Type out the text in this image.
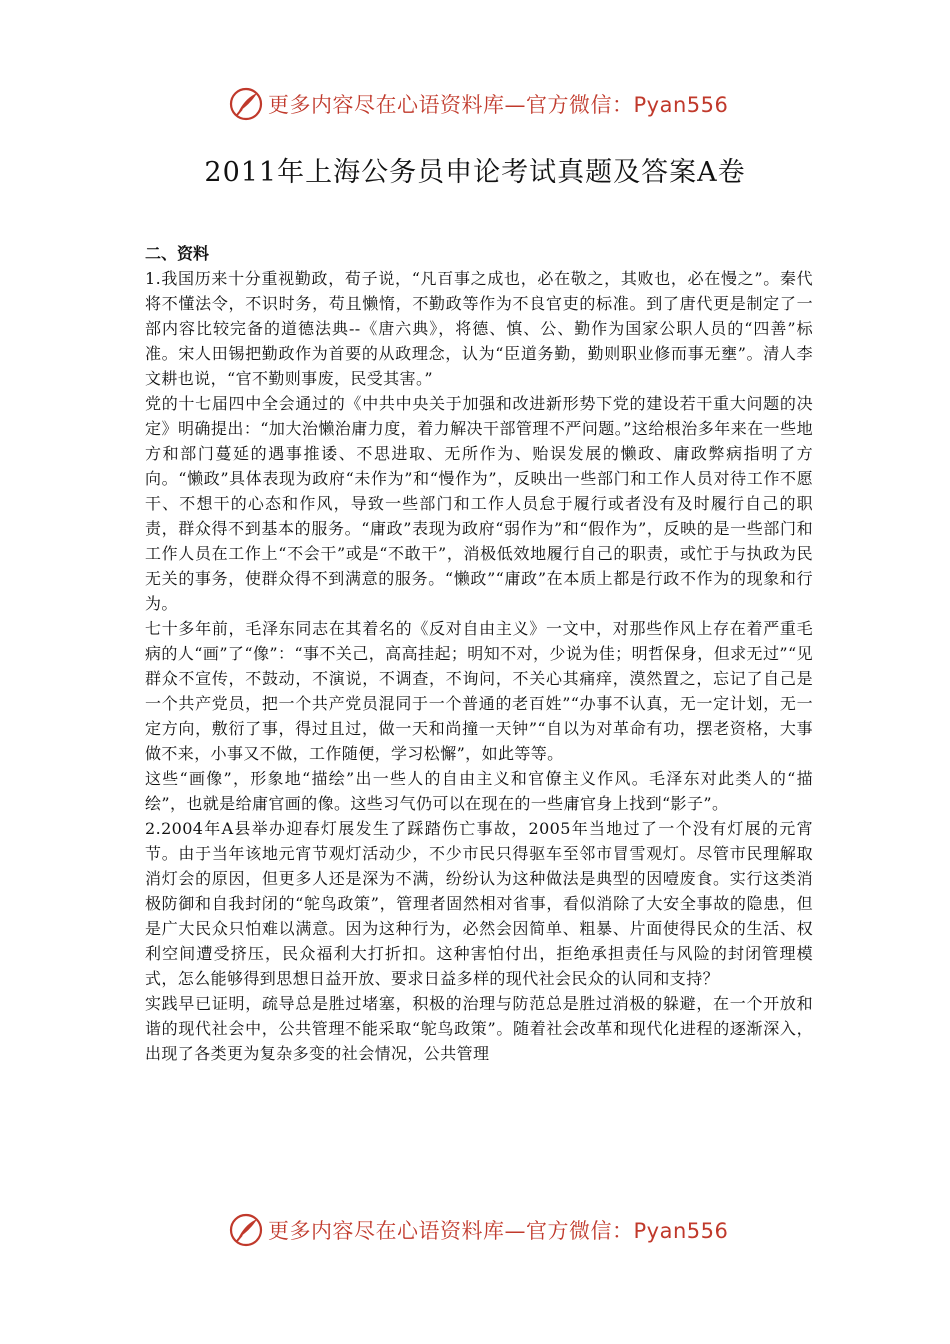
更多内容尽在心语资料库—官方微信：Pyan556
2011年上海公务员申论考试真题及答案A卷

二、资料

1.我国历来十分重视勤政，荀子说，“凡百事之成也，必在敬之，其败也，必在慢之”。秦代将不懂法令，不识时务，苟且懒惰，不勤政等作为不良官吏的标准。到了唐代更是制定了一部内容比较完备的道德法典--《唐六典》，将德、慎、公、勤作为国家公职人员的“四善”标准。宋人田锡把勤政作为首要的从政理念，认为“臣道务勤，勤则职业修而事无壅”。清人李文耕也说，“官不勤则事废，民受其害。”

党的十七届四中全会通过的《中共中央关于加强和改进新形势下党的建设若干重大问题的决定》明确提出：“加大治懒治庸力度，着力解决干部管理不严问题。”这给根治多年来在一些地方和部门蔓延的遇事推诿、不思进取、无所作为、贻误发展的懒政、庸政弊病指明了方向。“懒政”具体表现为政府“未作为”和“慢作为”，反映出一些部门和工作人员对待工作不愿干、不想干的心态和作风，导致一些部门和工作人员怠于履行或者没有及时履行自己的职责，群众得不到基本的服务。“庸政”表现为政府“弱作为”和“假作为”，反映的是一些部门和工作人员在工作上“不会干”或是“不敢干”，消极低效地履行自己的职责，或忙于与执政为民无关的事务，使群众得不到满意的服务。“懒政”“庸政”在本质上都是行政不作为的现象和行为。

七十多年前，毛泽东同志在其着名的《反对自由主义》一文中，对那些作风上存在着严重毛病的人“画”了“像”：“事不关己，高高挂起；明知不对，少说为佳；明哲保身，但求无过”“见群众不宣传，不鼓动，不演说，不调查，不询问，不关心其痛痒，漠然置之，忘记了自己是一个共产党员，把一个共产党员混同于一个普通的老百姓”“办事不认真，无一定计划，无一定方向，敷衍了事，得过且过，做一天和尚撞一天钟”“自以为对革命有功，摆老资格，大事做不来，小事又不做，工作随便，学习松懈”，如此等等。

这些“画像”，形象地“描绘”出一些人的自由主义和官僚主义作风。毛泽东对此类人的“描绘”，也就是给庸官画的像。这些习气仍可以在现在的一些庸官身上找到“影子”。

2.2004年A县举办迎春灯展发生了踩踏伤亡事故，2005年当地过了一个没有灯展的元宵节。由于当年该地元宵节观灯活动少，不少市民只得驱车至邻市冒雪观灯。尽管市民理解取消灯会的原因，但更多人还是深为不满，纷纷认为这种做法是典型的因噎废食。实行这类消极防御和自我封闭的“鸵鸟政策”，管理者固然相对省事，看似消除了大安全事故的隐患，但是广大民众只怕难以满意。因为这种行为，必然会因简单、粗暴、片面使得民众的生活、权利空间遭受挤压，民众福利大打折扣。这种害怕付出，拒绝承担责任与风险的封闭管理模式，怎么能够得到思想日益开放、要求日益多样的现代社会民众的认同和支持？

实践早已证明，疏导总是胜过堵塞，积极的治理与防范总是胜过消极的躲避，在一个开放和谐的现代社会中，公共管理不能采取“鸵鸟政策”。随着社会改革和现代化进程的逐渐深入，出现了各类更为复杂多变的社会情况，公共管理

更多内容尽在心语资料库—官方微信：Pyan556
